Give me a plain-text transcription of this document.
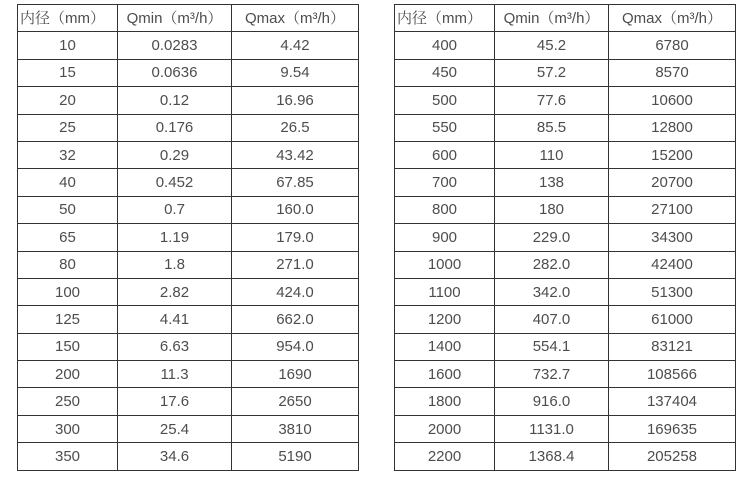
内径（mm）	Qmin（m³/h）	Qmax（m³/h）
10	0.0283	4.42
15	0.0636	9.54
20	0.12	16.96
25	0.176	26.5
32	0.29	43.42
40	0.452	67.85
50	0.7	160.0
65	1.19	179.0
80	1.8	271.0
100	2.82	424.0
125	4.41	662.0
150	6.63	954.0
200	11.3	1690
250	17.6	2650
300	25.4	3810
350	34.6	5190
内径（mm）	Qmin（m³/h）	Qmax（m³/h）
400	45.2	6780
450	57.2	8570
500	77.6	10600
550	85.5	12800
600	110	15200
700	138	20700
800	180	27100
900	229.0	34300
1000	282.0	42400
1100	342.0	51300
1200	407.0	61000
1400	554.1	83121
1600	732.7	108566
1800	916.0	137404
2000	1131.0	169635
2200	1368.4	205258
